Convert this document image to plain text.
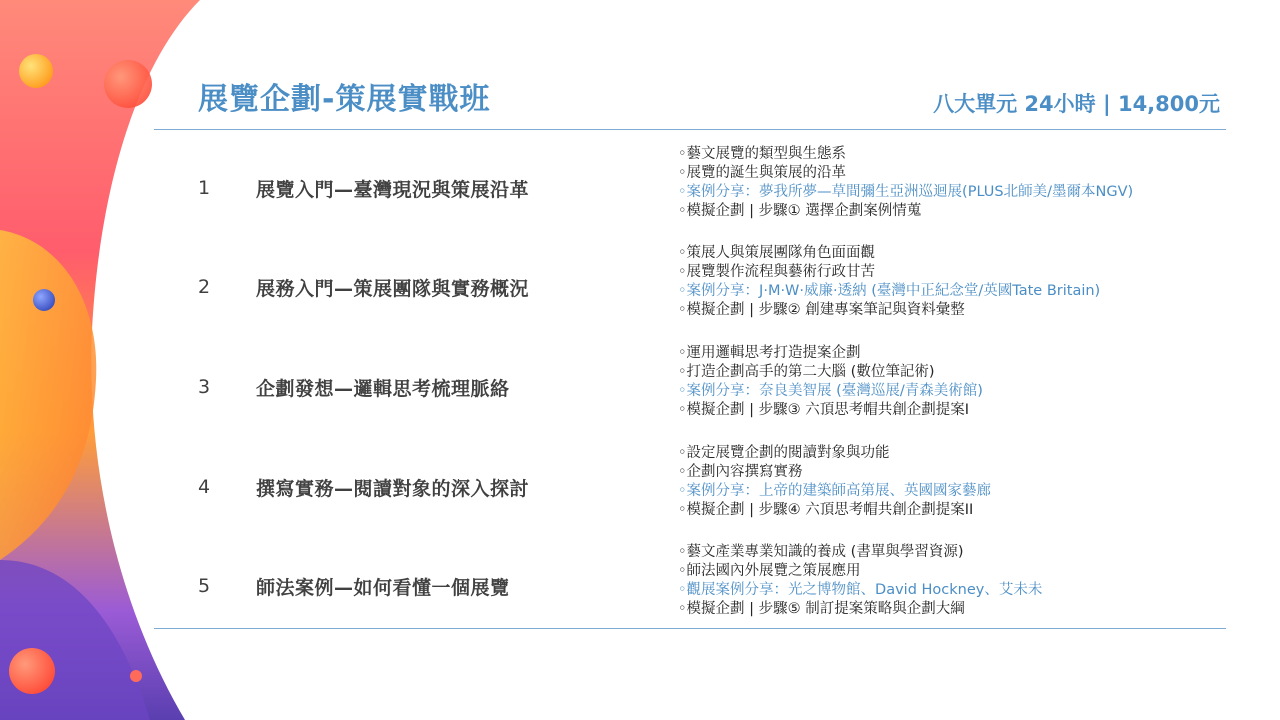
展覽企劃-策展實戰班	八大單元 24小時 | 14,800元
1 展覽入門—臺灣現況與策展沿革
◦藝文展覽的類型與生態系
◦展覽的誕生與策展的沿革
◦案例分享：夢我所夢—草間彌生亞洲巡迴展(PLUS北師美/墨爾本NGV)
◦模擬企劃 | 步驟① 選擇企劃案例情蒐
2 展務入門—策展團隊與實務概況
◦策展人與策展團隊角色面面觀
◦展覽製作流程與藝術行政甘苦
◦案例分享：J·M·W·威廉·透納 (臺灣中正紀念堂/英國Tate Britain)
◦模擬企劃 | 步驟② 創建專案筆記與資料彙整
3 企劃發想—邏輯思考梳理脈絡
◦運用邏輯思考打造提案企劃
◦打造企劃高手的第二大腦 (數位筆記術)
◦案例分享：奈良美智展 (臺灣巡展/青森美術館)
◦模擬企劃 | 步驟③ 六頂思考帽共創企劃提案I
4 撰寫實務—閱讀對象的深入探討
◦設定展覽企劃的閱讀對象與功能
◦企劃內容撰寫實務
◦案例分享：上帝的建築師高第展、英國國家藝廊
◦模擬企劃 | 步驟④ 六頂思考帽共創企劃提案II
5 師法案例—如何看懂一個展覽
◦藝文產業專業知識的養成 (書單與學習資源)
◦師法國內外展覽之策展應用
◦觀展案例分享：光之博物館、David Hockney、艾未未
◦模擬企劃 | 步驟⑤ 制訂提案策略與企劃大綱
